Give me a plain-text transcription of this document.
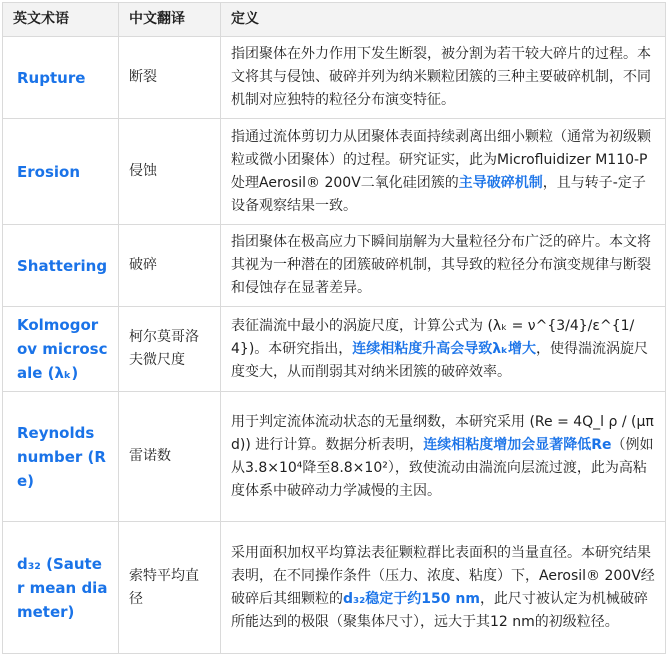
英文术语	中文翻译	定义
Rupture	断裂	指团聚体在外力作用下发生断裂，被分割为若干较大碎片的过程。本文将其与侵蚀、破碎并列为纳米颗粒团簇的三种主要破碎机制，不同机制对应独特的粒径分布演变特征。
Erosion	侵蚀	指通过流体剪切力从团聚体表面持续剥离出细小颗粒（通常为初级颗粒或微小团聚体）的过程。研究证实，此为Microfluidizer M110-P处理Aerosil® 200V二氧化硅团簇的主导破碎机制，且与转子-定子设备观察结果一致。
Shattering	破碎	指团聚体在极高应力下瞬间崩解为大量粒径分布广泛的碎片。本文将其视为一种潜在的团簇破碎机制，其导致的粒径分布演变规律与断裂和侵蚀存在显著差异。
Kolmogorov microscale (λₖ)	柯尔莫哥洛夫微尺度	表征湍流中最小的涡旋尺度，计算公式为 (λₖ = ν^{3/4}/ε^{1/4})。本研究指出，连续相粘度升高会导致λₖ增大，使得湍流涡旋尺度变大，从而削弱其对纳米团簇的破碎效率。
Reynolds number (Re)	雷诺数	用于判定流体流动状态的无量纲数，本研究采用 (Re = 4Q_l ρ / (μπd)) 进行计算。数据分析表明，连续相粘度增加会显著降低Re（例如从3.8×10⁴降至8.8×10²），致使流动由湍流向层流过渡，此为高粘度体系中破碎动力学减慢的主因。
d₃₂ (Sauter mean diameter)	索特平均直径	采用面积加权平均算法表征颗粒群比表面积的当量直径。本研究结果表明，在不同操作条件（压力、浓度、粘度）下，Aerosil® 200V经破碎后其细颗粒的d₃₂稳定于约150 nm，此尺寸被认定为机械破碎所能达到的极限（聚集体尺寸），远大于其12 nm的初级粒径。
